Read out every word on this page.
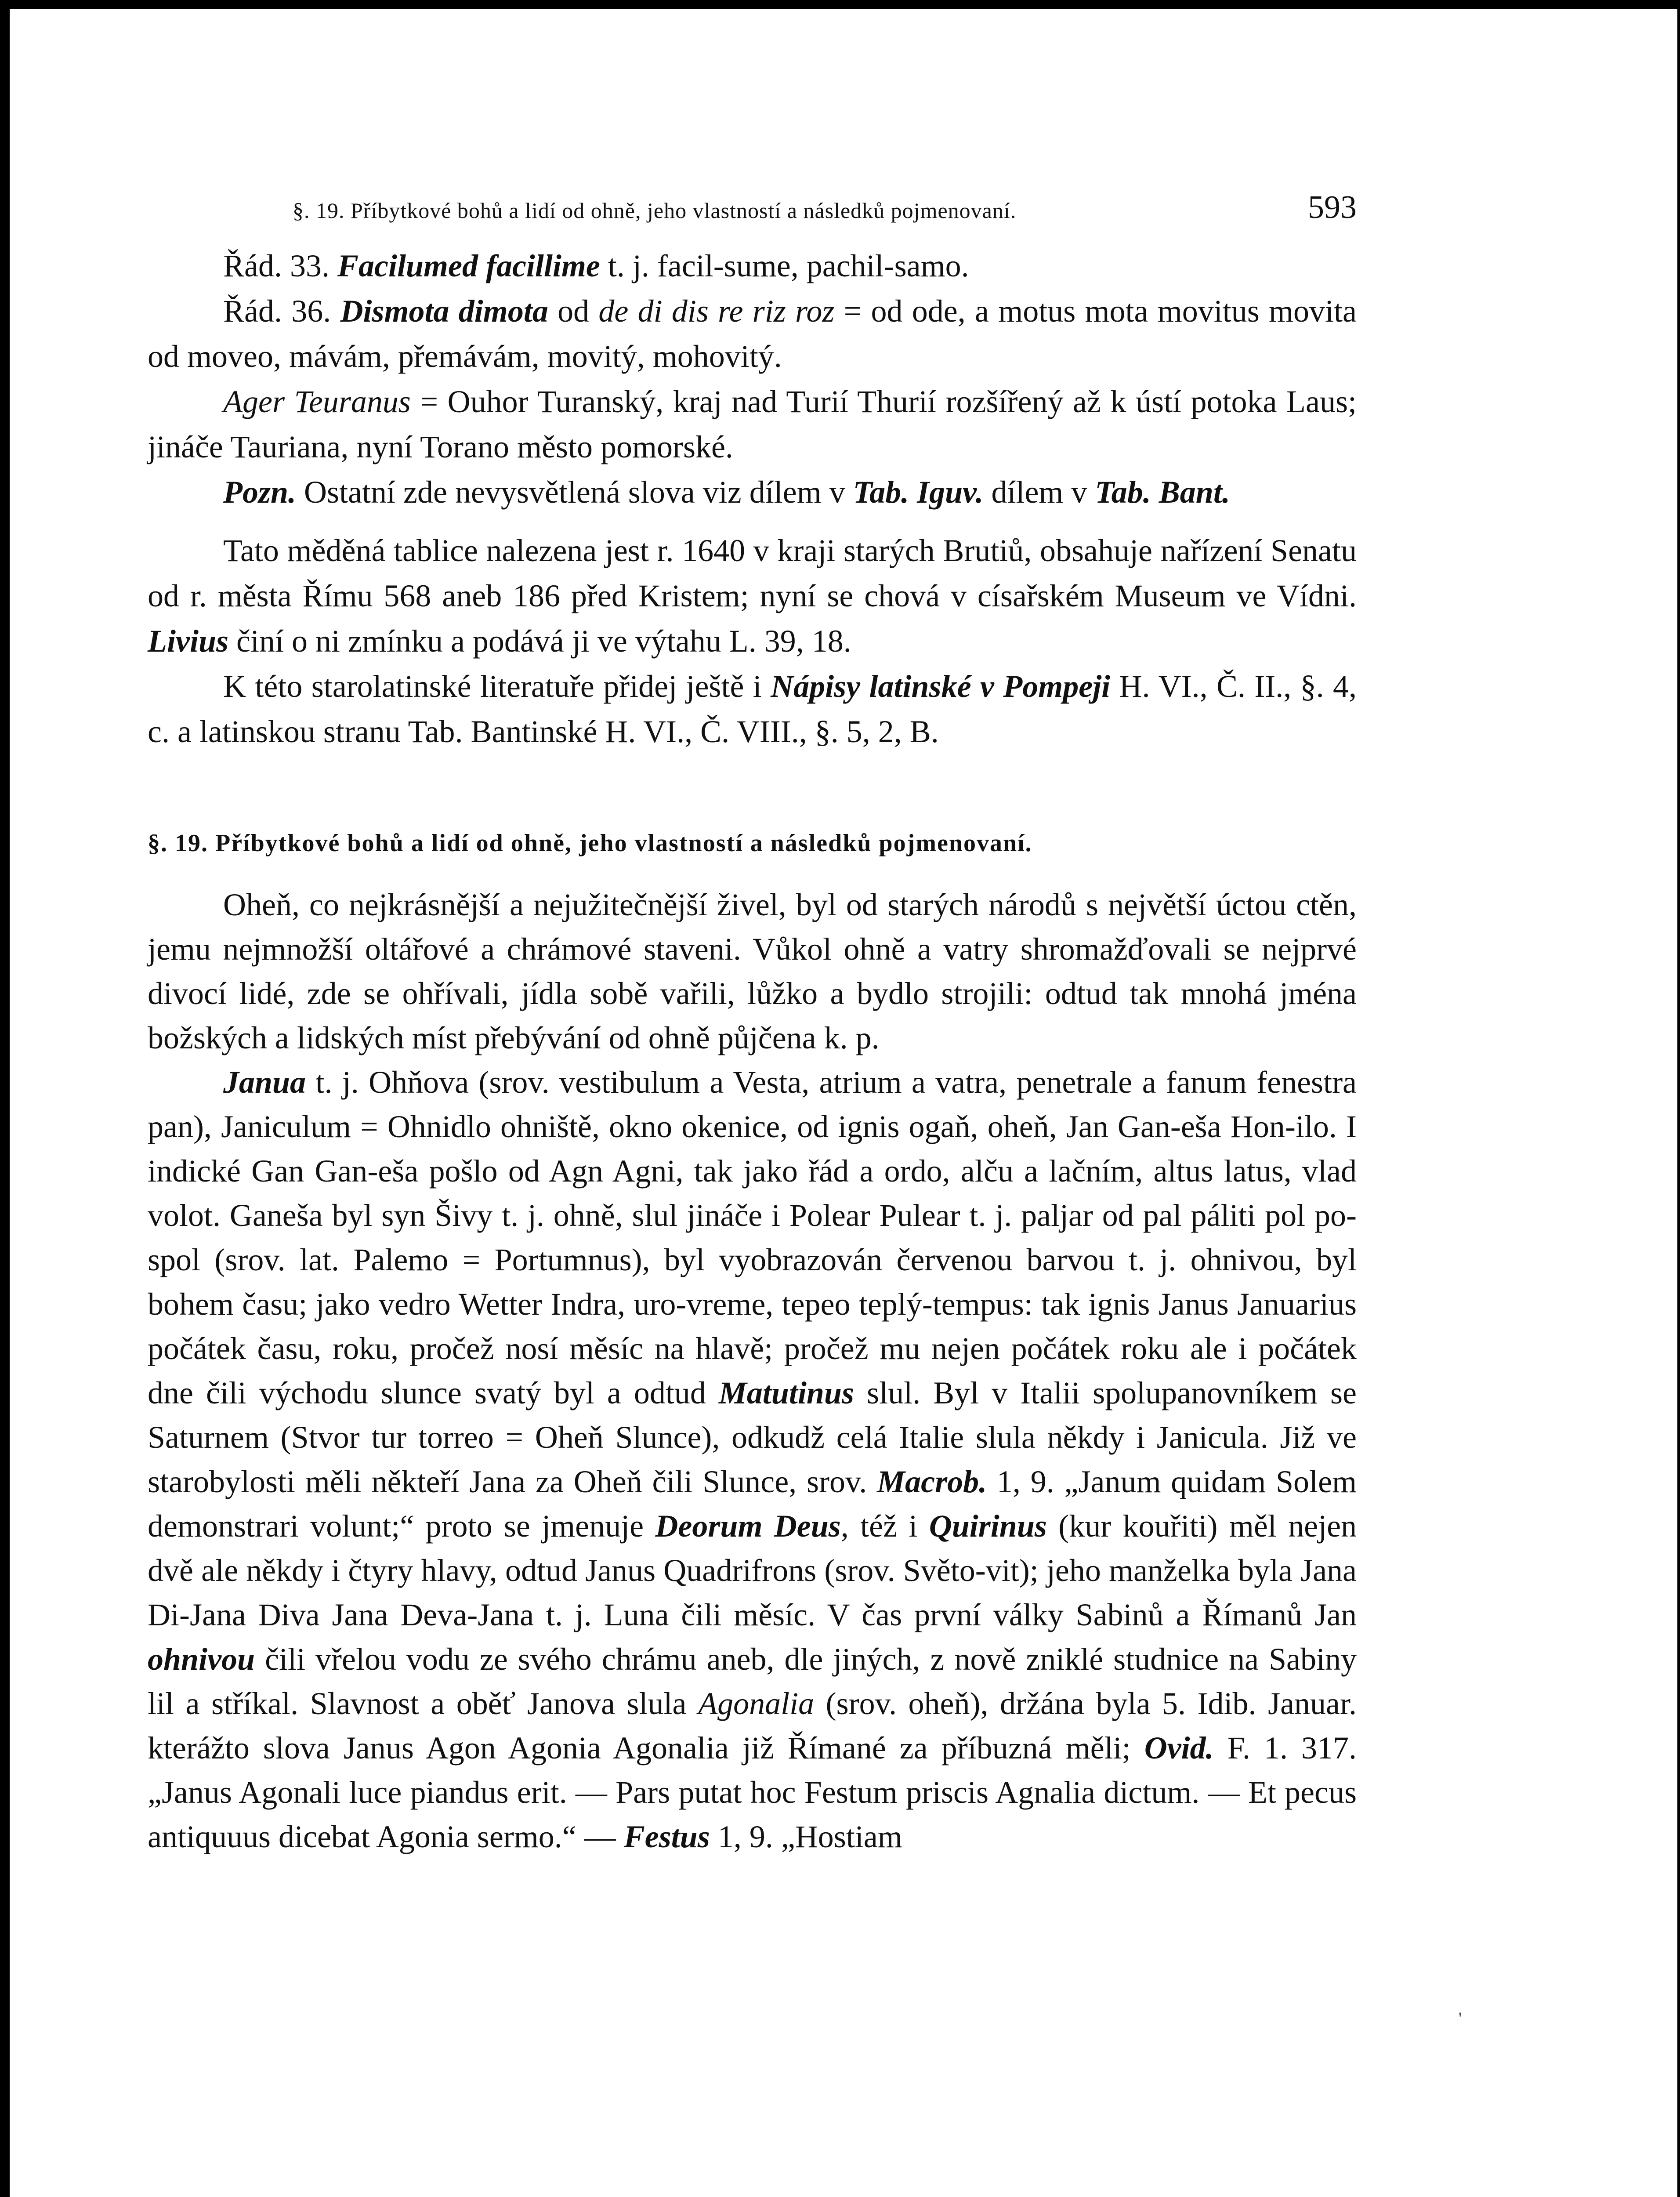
§. 19. Příbytkové bohů a lidí od ohně, jeho vlastností a následků pojmenovaní.	593

Řád. 33. Facilumed facillime t. j. facil-sume, pachil-samo.

Řád. 36. Dismota dimota od de di dis re riz roz = od ode, a motus mota movitus movita od moveo, mávám, přemávám, movitý, mohovitý.

Ager Teuranus = Ouhor Turanský, kraj nad Turií Thurií rozšířený až k ústí potoka Laus; jináče Tauriana, nyní Torano město pomorské.

Pozn. Ostatní zde nevysvětlená slova viz dílem v Tab. Iguv. dílem v Tab. Bant.

Tato měděná tablice nalezena jest r. 1640 v kraji starých Brutiů, obsahuje nařízení Senatu od r. města Římu 568 aneb 186 před Kristem; nyní se chová v císařském Museum ve Vídni. Livius činí o ni zmínku a podává ji ve výtahu L. 39, 18.

K této starolatinské literatuře přidej ještě i Nápisy latinské v Pompeji H. VI., Č. II., §. 4, c. a latinskou stranu Tab. Bantinské H. VI., Č. VIII., §. 5, 2, B.

§. 19. Příbytkové bohů a lidí od ohně, jeho vlastností a následků pojmenovaní.

Oheň, co nejkrásnější a nejužitečnější živel, byl od starých národů s největší úctou ctěn, jemu nejmnožší oltářové a chrámové staveni. Vůkol ohně a vatry shromažďovali se nejprvé divocí lidé, zde se ohřívali, jídla sobě vařili, lůžko a bydlo strojili: odtud tak mnohá jména božských a lidských míst přebývání od ohně půjčena k. p.

Janua t. j. Ohňova (srov. vestibulum a Vesta, atrium a vatra, penetrale a fanum fenestra pan), Janiculum = Ohnidlo ohniště, okno okenice, od ignis ogaň, oheň, Jan Gan-eša Hon-ilo. I indické Gan Gan-eša pošlo od Agn Agni, tak jako řád a ordo, alču a lačním, altus latus, vlad volot. Ganeša byl syn Šivy t. j. ohně, slul jináče i Polear Pulear t. j. paljar od pal páliti pol po-spol (srov. lat. Palemo = Portumnus), byl vyobrazován červenou barvou t. j. ohnivou, byl bohem času; jako vedro Wetter Indra, uro-vreme, tepeo teplý-tempus: tak ignis Janus Januarius počátek času, roku, pročež nosí měsíc na hlavě; pročež mu nejen počátek roku ale i počátek dne čili východu slunce svatý byl a odtud Matutinus slul. Byl v Italii spolupanovníkem se Saturnem (Stvor tur torreo = Oheň Slunce), odkudž celá Italie slula někdy i Janicula. Již ve starobylosti měli někteří Jana za Oheň čili Slunce, srov. Macrob. 1, 9. „Janum quidam Solem demonstrari volunt;“ proto se jmenuje Deorum Deus, též i Quirinus (kur kouřiti) měl nejen dvě ale někdy i čtyry hlavy, odtud Janus Quadrifrons (srov. Světo-vit); jeho manželka byla Jana Di-Jana Diva Jana Deva-Jana t. j. Luna čili měsíc. V čas první války Sabinů a Římanů Jan ohnivou čili vřelou vodu ze svého chrámu aneb, dle jiných, z nově zniklé studnice na Sabiny lil a stříkal. Slavnost a oběť Janova slula Agonalia (srov. oheň), držána byla 5. Idib. Januar. kterážto slova Janus Agon Agonia Agonalia již Římané za příbuzná měli; Ovid. F. 1. 317. „Janus Agonali luce piandus erit. — Pars putat hoc Festum priscis Agnalia dictum. — Et pecus antiquuus dicebat Agonia sermo.“ — Festus 1, 9. „Hostiam

'
